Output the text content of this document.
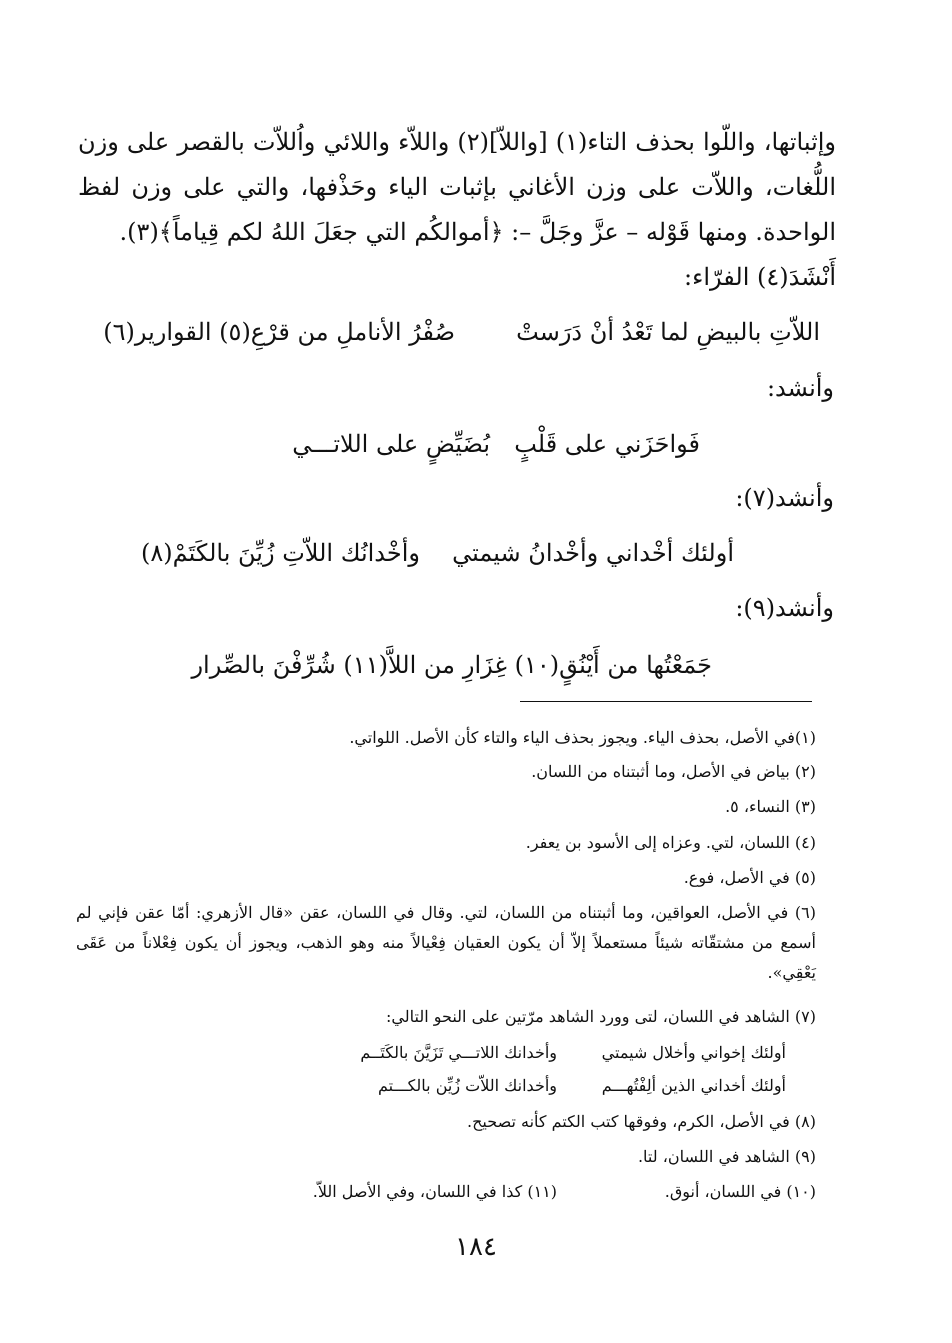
وإثباتها، واللّوا بحذف التاء(١) [واللاّ](٢) واللاّء واللائي واُللاّت بالقصر على وزن اللُّغات، واللاّت على وزن الأغاني بإثبات الياء وحَذْفها، والتي على وزن لفظ الواحدة. ومنها قَوْله – عزَّ وجَلَّ –: ﴿أموالكُم التي جعَلَ اللهُ لكم قِياماً﴾(٣).

أَنْشَدَ(٤) الفرّاء:

اللاّتِ بالبيضِ لما تَعْدُ أنْ دَرَستْ
صُفْرُ الأناملِ من قرْعِ(٥) القوارير(٦)
وأنشد:
فَواحَزَني على قَلْبٍ
بُضَيِّضٍ على اللاتـــي
وأنشد(٧):
أولئك أخْداني وأخْدانُ شيمتي
وأخْدانُك اللاّتِ زُيِّنَ بالكَتَمْ(٨)
وأنشد(٩):
جَمَعْتُها من أَيْنُقٍ(١٠) غِزَارِ
من اللاَّ(١١) شُرِّفْنَ بالصِّرار
(١)في الأصل، بحذف الياء. ويجوز بحذف الياء والتاء كأن الأصل. اللواتي.
(٢) بياض في الأصل، وما أثبتناه من اللسان.
(٣) النساء، ٥.
(٤) اللسان، لتي. وعزاه إلى الأسود بن يعفر.
(٥) في الأصل، فوع.
(٦) في الأصل، العواقين، وما أثبتناه من اللسان، لتي. وقال في اللسان، عقن «قال الأزهري: أمّا عقن فإني لم أسمع من مشتقّاته شيئاً مستعملاً إلاّ أن يكون العقيان فِعْيالاً منه وهو الذهب، ويجوز أن يكون فِعْلاناً من عَقَى يَعْقِي».
(٧) الشاهد في اللسان، لتى وورد الشاهد مرّتين على النحو التالي:
أولئك إخواني وأخلال شيمتي
وأخدانك اللاتـــي تَزَيَّنَ بالكَتَــم
أولئك أخداني الذين ألِفْتُهـــم
وأخدانك اللاّت زُيِّن بالكـــتم
(٨) في الأصل، الكرم، وفوقها كتب الكتم كأنه تصحيح.
(٩) الشاهد في اللسان، لتا.
(١٠) في اللسان، أنوق.
(١١) كذا في اللسان، وفي الأصل اللاّ.
١٨٤
